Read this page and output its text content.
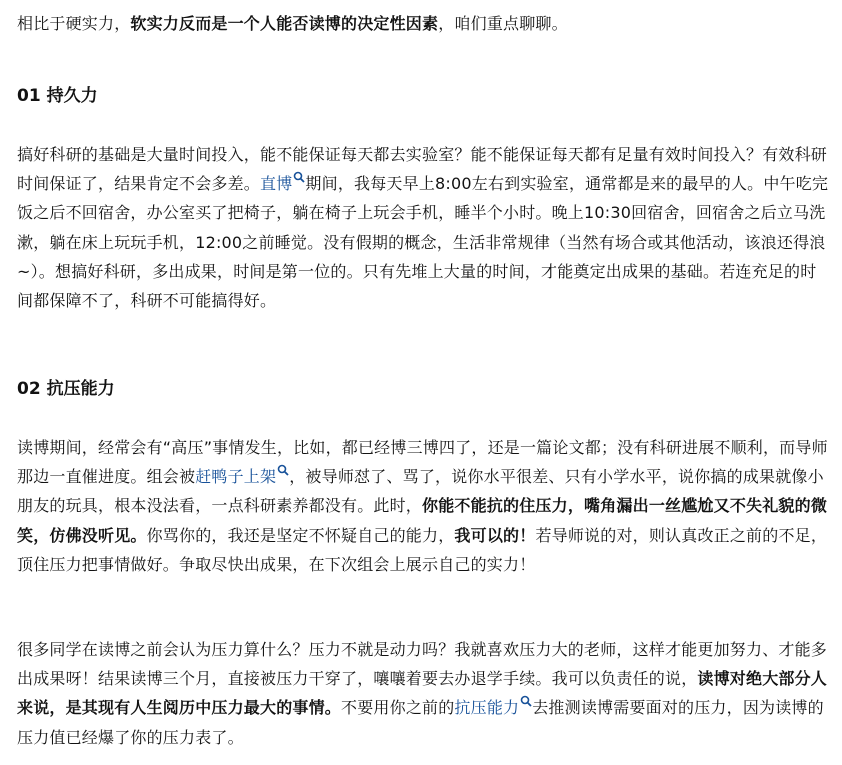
相比于硬实力，软实力反而是一个人能否读博的决定性因素，咱们重点聊聊。

01 持久力

搞好科研的基础是大量时间投入，能不能保证每天都去实验室？能不能保证每天都有足量有效时间投入？有效科研时间保证了，结果肯定不会多差。直博 期间，我每天早上8:00左右到实验室，通常都是来的最早的人。中午吃完饭之后不回宿舍，办公室买了把椅子，躺在椅子上玩会手机，睡半个小时。晚上10:30回宿舍，回宿舍之后立马洗漱，躺在床上玩玩手机，12:00之前睡觉。没有假期的概念，生活非常规律（当然有场合或其他活动，该浪还得浪~）。想搞好科研，多出成果，时间是第一位的。只有先堆上大量的时间，才能奠定出成果的基础。若连充足的时间都保障不了，科研不可能搞得好。

02 抗压能力

读博期间，经常会有“高压”事情发生，比如，都已经博三博四了，还是一篇论文都；没有科研进展不顺利，而导师那边一直催进度。组会被赶鸭子上架 ，被导师怼了、骂了，说你水平很差、只有小学水平，说你搞的成果就像小朋友的玩具，根本没法看，一点科研素养都没有。此时，你能不能抗的住压力，嘴角漏出一丝尴尬又不失礼貌的微笑，仿佛没听见。你骂你的，我还是坚定不怀疑自己的能力，我可以的！若导师说的对，则认真改正之前的不足，顶住压力把事情做好。争取尽快出成果，在下次组会上展示自己的实力！

很多同学在读博之前会认为压力算什么？压力不就是动力吗？我就喜欢压力大的老师，这样才能更加努力、才能多出成果呀！结果读博三个月，直接被压力干穿了，嚷嚷着要去办退学手续。我可以负责任的说，读博对绝大部分人来说，是其现有人生阅历中压力最大的事情。不要用你之前的抗压能力 去推测读博需要面对的压力，因为读博的压力值已经爆了你的压力表了。
